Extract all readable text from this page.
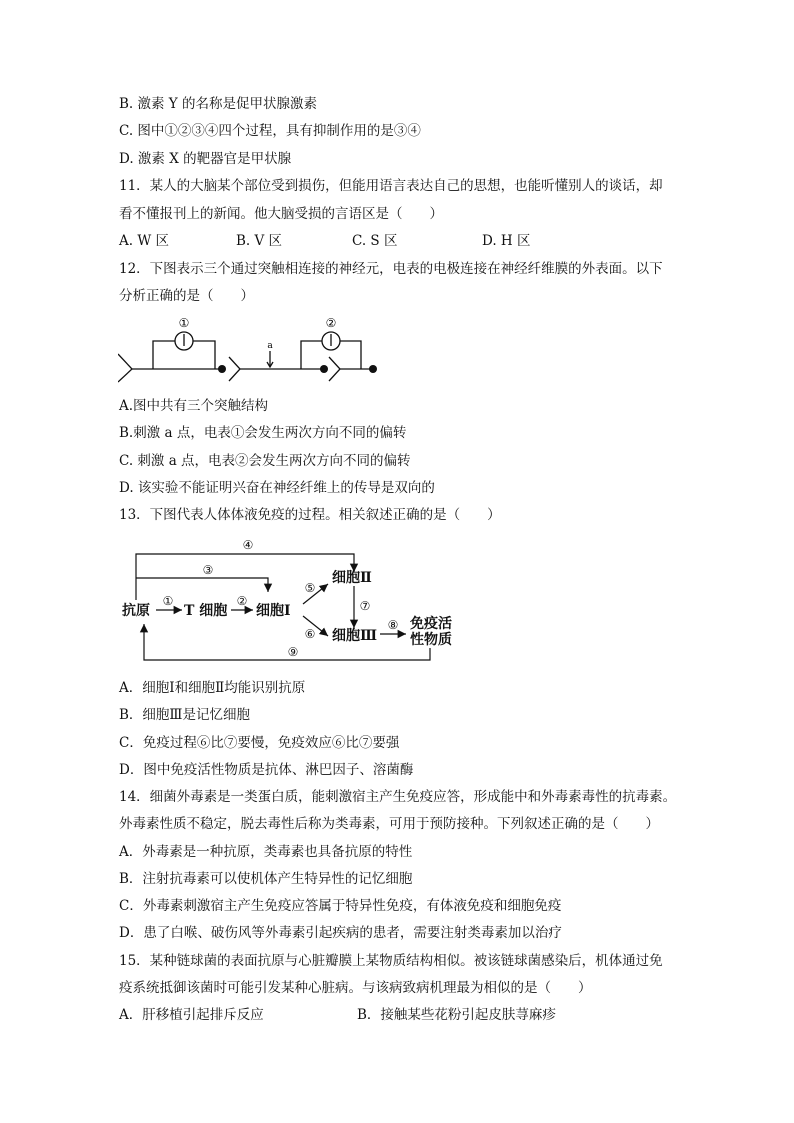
B. 激素 Y 的名称是促甲状腺激素
C. 图中①②③④四个过程，具有抑制作用的是③④
D. 激素 X 的靶器官是甲状腺
11．某人的大脑某个部位受到损伤，但能用语言表达自己的思想，也能听懂别人的谈话，却
看不懂报刊上的新闻。他大脑受损的言语区是（　　）
A. W 区	B. V 区	C. S 区	D. H 区
12．下图表示三个通过突触相连接的神经元，电表的电极连接在神经纤维膜的外表面。以下
分析正确的是（　　）
①	②
a
A.图中共有三个突触结构
B.刺激 a 点，电表①会发生两次方向不同的偏转
C. 刺激 a 点，电表②会发生两次方向不同的偏转
D. 该实验不能证明兴奋在神经纤维上的传导是双向的
13．下图代表人体体液免疫的过程。相关叙述正确的是（　　）
抗原 T 细胞 细胞Ⅰ
细胞Ⅱ
细胞Ⅲ
免疫活
性物质
①	②
③
④
⑤
⑥
⑦
⑧
⑨
A．细胞Ⅰ和细胞Ⅱ均能识别抗原
B．细胞Ⅲ是记忆细胞
C．免疫过程⑥比⑦要慢，免疫效应⑥比⑦要强
D．图中免疫活性物质是抗体、淋巴因子、溶菌酶
14．细菌外毒素是一类蛋白质，能刺激宿主产生免疫应答，形成能中和外毒素毒性的抗毒素。
外毒素性质不稳定，脱去毒性后称为类毒素，可用于预防接种。下列叙述正确的是（　　）
A．外毒素是一种抗原，类毒素也具备抗原的特性
B．注射抗毒素可以使机体产生特异性的记忆细胞
C．外毒素刺激宿主产生免疫应答属于特异性免疫，有体液免疫和细胞免疫
D．患了白喉、破伤风等外毒素引起疾病的患者，需要注射类毒素加以治疗
15．某种链球菌的表面抗原与心脏瓣膜上某物质结构相似。被该链球菌感染后，机体通过免
疫系统抵御该菌时可能引发某种心脏病。与该病致病机理最为相似的是（　　）
A．肝移植引起排斥反应	B．接触某些花粉引起皮肤荨麻疹
